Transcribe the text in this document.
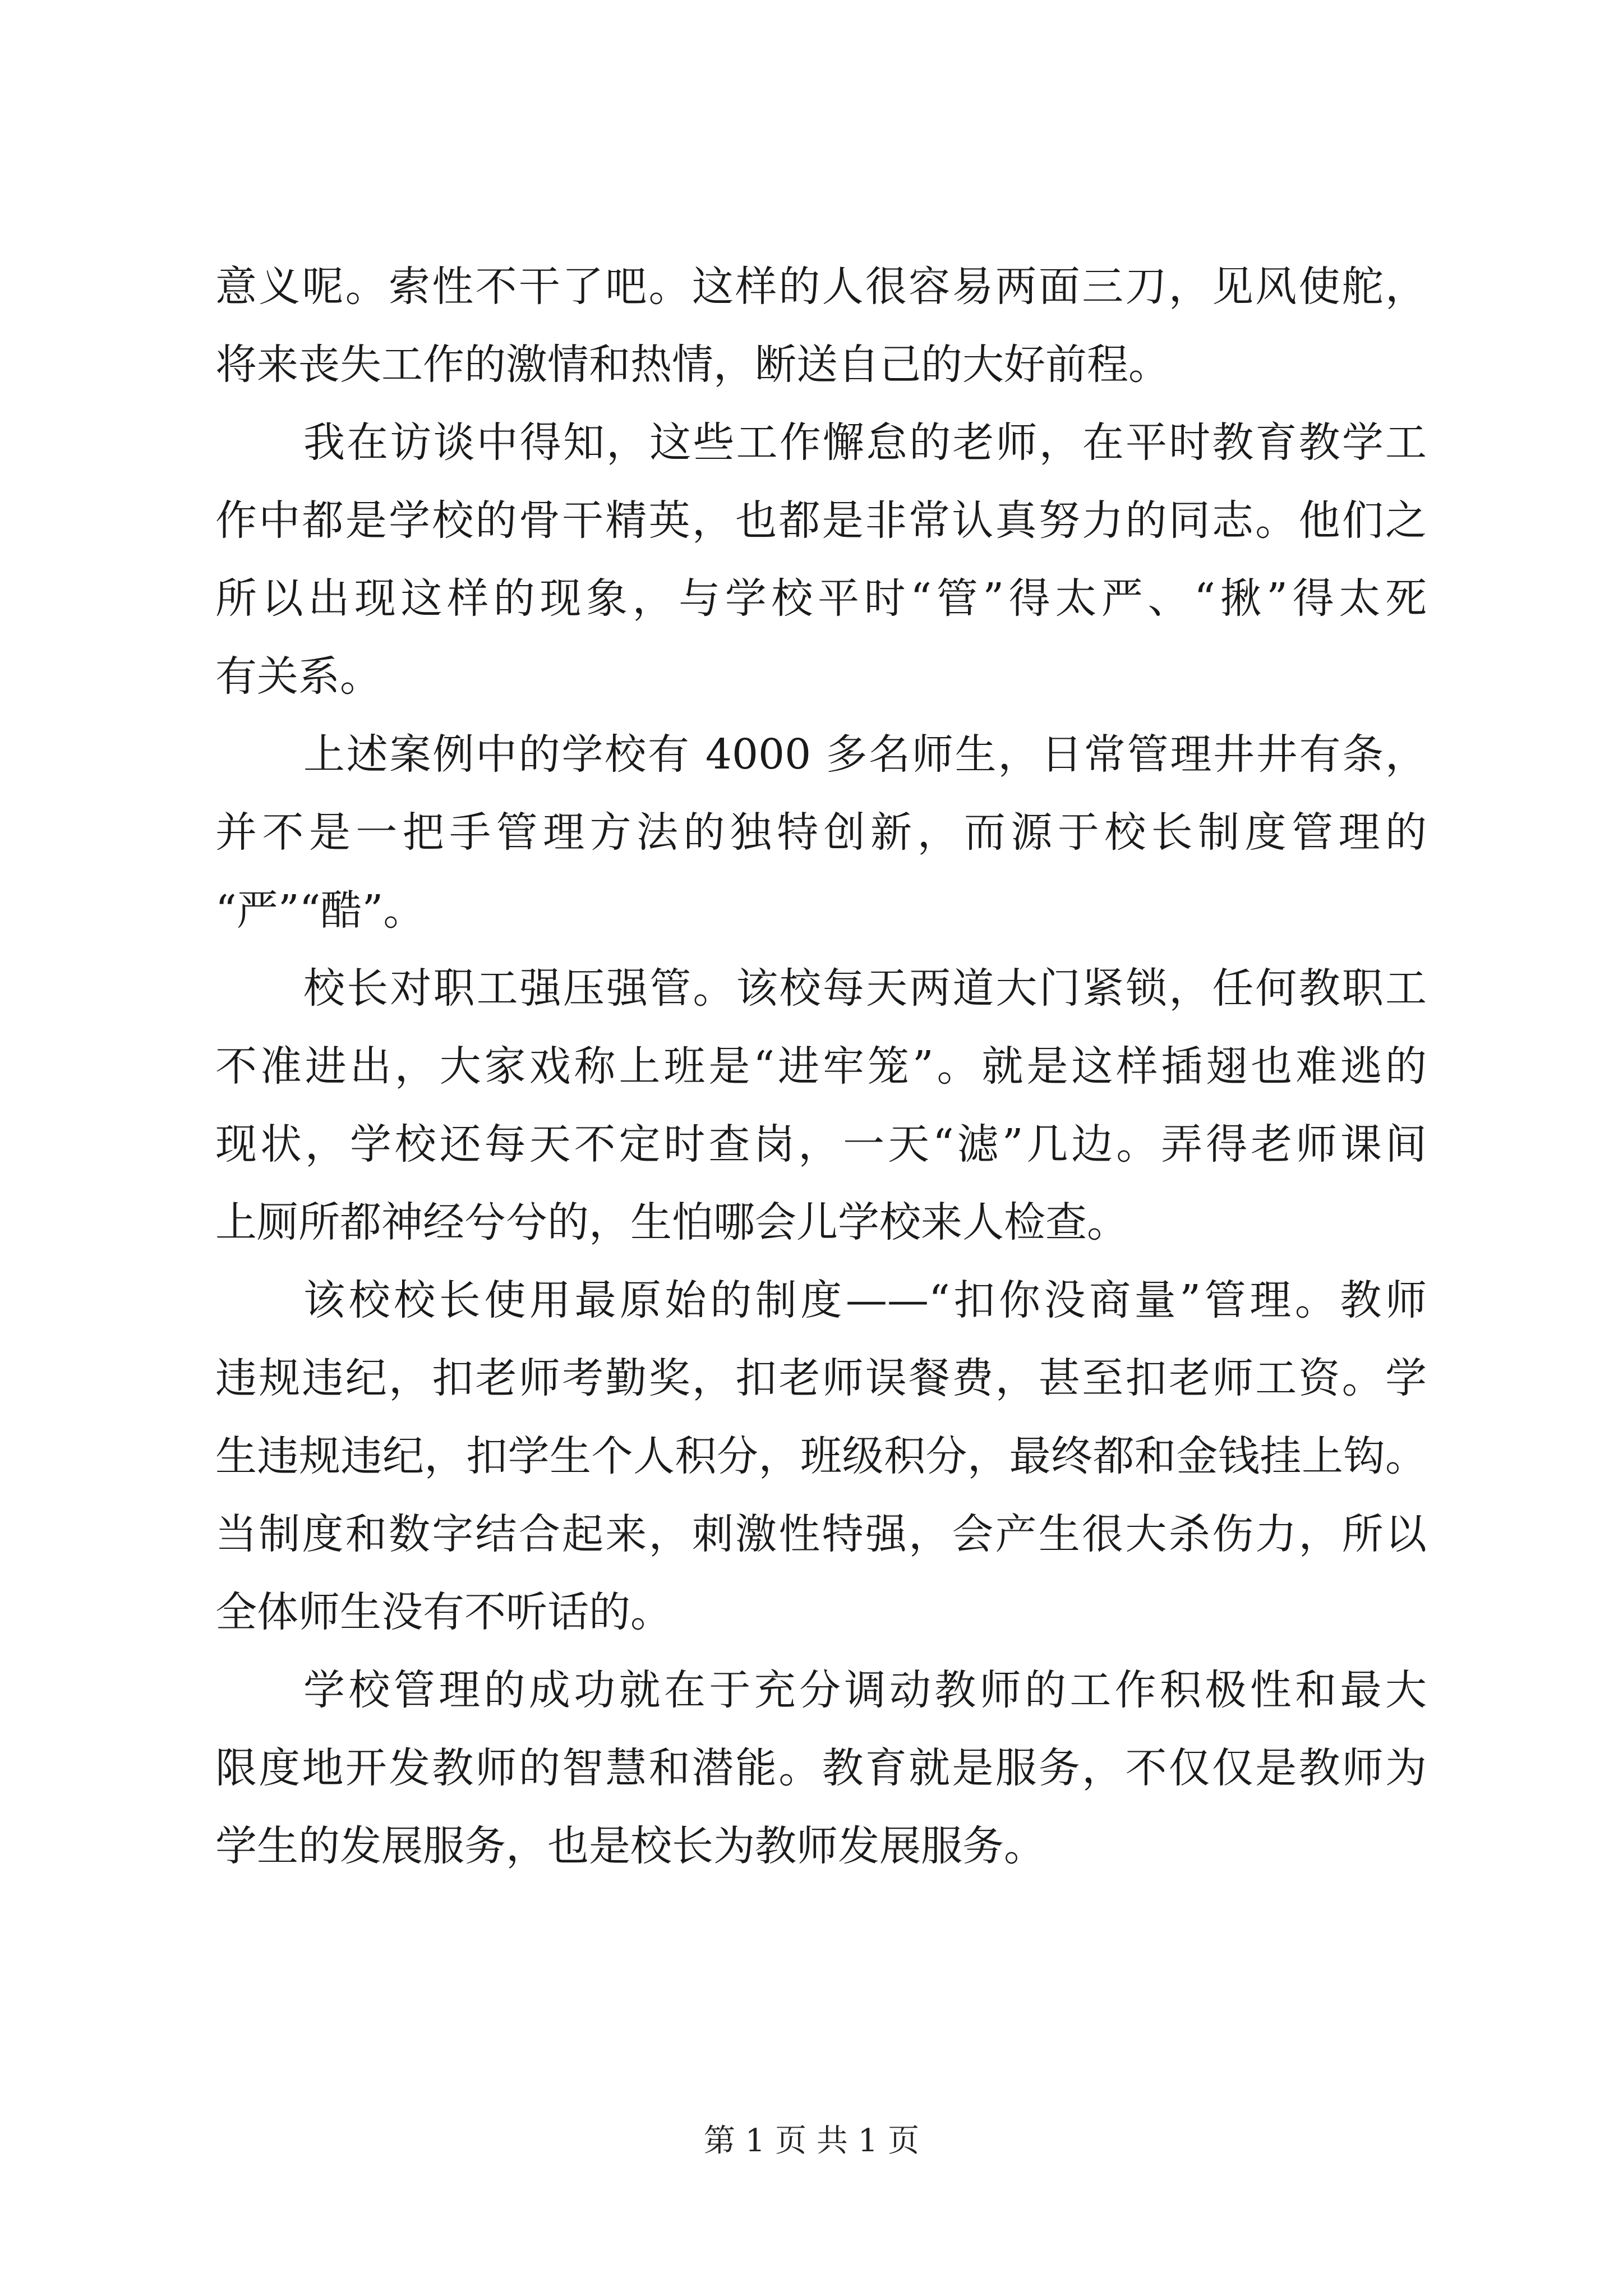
意义呢。索性不干了吧。这样的人很容易两面三刀，见风使舵，
将来丧失工作的激情和热情，断送自己的大好前程。
我在访谈中得知，这些工作懈怠的老师，在平时教育教学工
作中都是学校的骨干精英，也都是非常认真努力的同志。他们之
所以出现这样的现象，与学校平时“管”得太严、“揪”得太死
有关系。
上述案例中的学校有 4000 多名师生，日常管理井井有条，
并不是一把手管理方法的独特创新，而源于校长制度管理的
“严”“酷”。
校长对职工强压强管。该校每天两道大门紧锁，任何教职工
不准进出，大家戏称上班是“进牢笼”。就是这样插翅也难逃的
现状，学校还每天不定时查岗，一天“滤”几边。弄得老师课间
上厕所都神经兮兮的，生怕哪会儿学校来人检查。
该校校长使用最原始的制度——“扣你没商量”管理。教师
违规违纪，扣老师考勤奖，扣老师误餐费，甚至扣老师工资。学
生违规违纪，扣学生个人积分，班级积分，最终都和金钱挂上钩。
当制度和数字结合起来，刺激性特强，会产生很大杀伤力，所以
全体师生没有不听话的。
学校管理的成功就在于充分调动教师的工作积极性和最大
限度地开发教师的智慧和潜能。教育就是服务，不仅仅是教师为
学生的发展服务，也是校长为教师发展服务。
第 1 页 共 1 页
